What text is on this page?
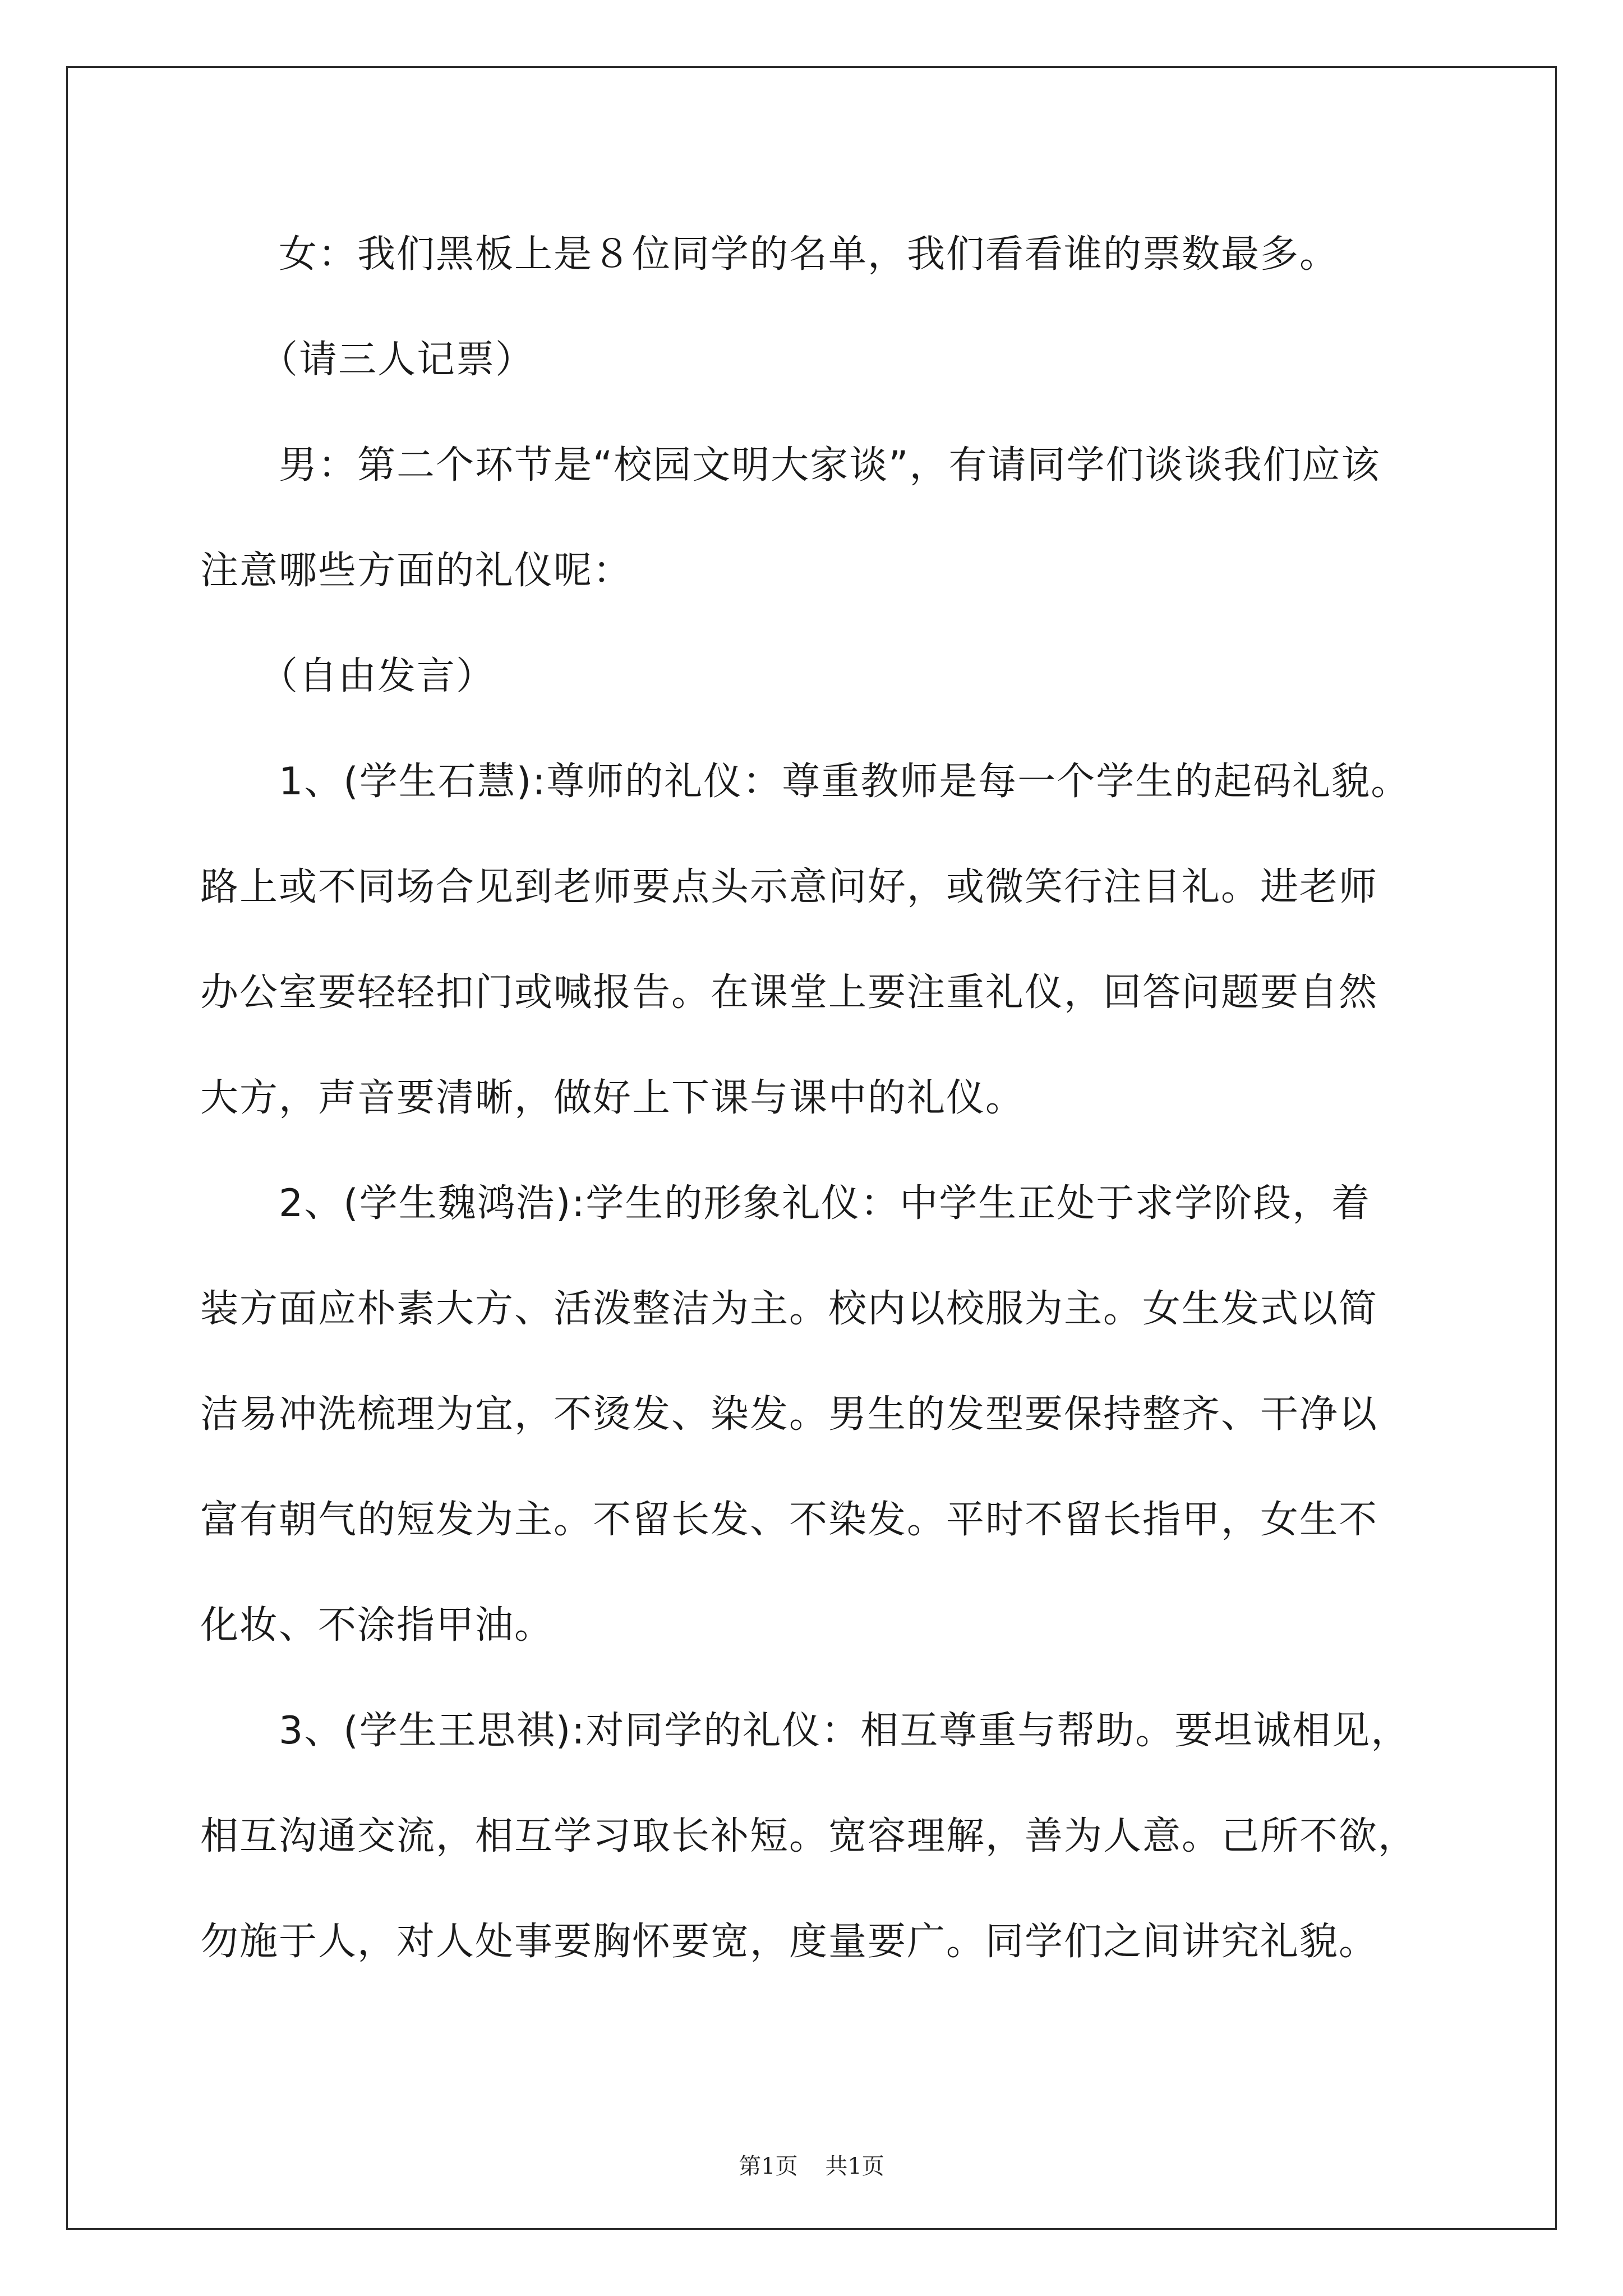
　　女：我们黑板上是８位同学的名单，我们看看谁的票数最多。

　　（请三人记票）

　　男：第二个环节是“校园文明大家谈”，有请同学们谈谈我们应该

注意哪些方面的礼仪呢：

　　（自由发言）

　　1、(学生石慧):尊师的礼仪：尊重教师是每一个学生的起码礼貌。

路上或不同场合见到老师要点头示意问好，或微笑行注目礼。进老师

办公室要轻轻扣门或喊报告。在课堂上要注重礼仪，回答问题要自然

大方，声音要清晰，做好上下课与课中的礼仪。

　　2、(学生魏鸿浩):学生的形象礼仪：中学生正处于求学阶段，着

装方面应朴素大方、活泼整洁为主。校内以校服为主。女生发式以简

洁易冲洗梳理为宜，不烫发、染发。男生的发型要保持整齐、干净以

富有朝气的短发为主。不留长发、不染发。平时不留长指甲，女生不

化妆、不涂指甲油。

　　3、(学生王思祺):对同学的礼仪：相互尊重与帮助。要坦诚相见，

相互沟通交流，相互学习取长补短。宽容理解，善为人意。己所不欲，

勿施于人，对人处事要胸怀要宽，度量要广。同学们之间讲究礼貌。

第1页 共1页
